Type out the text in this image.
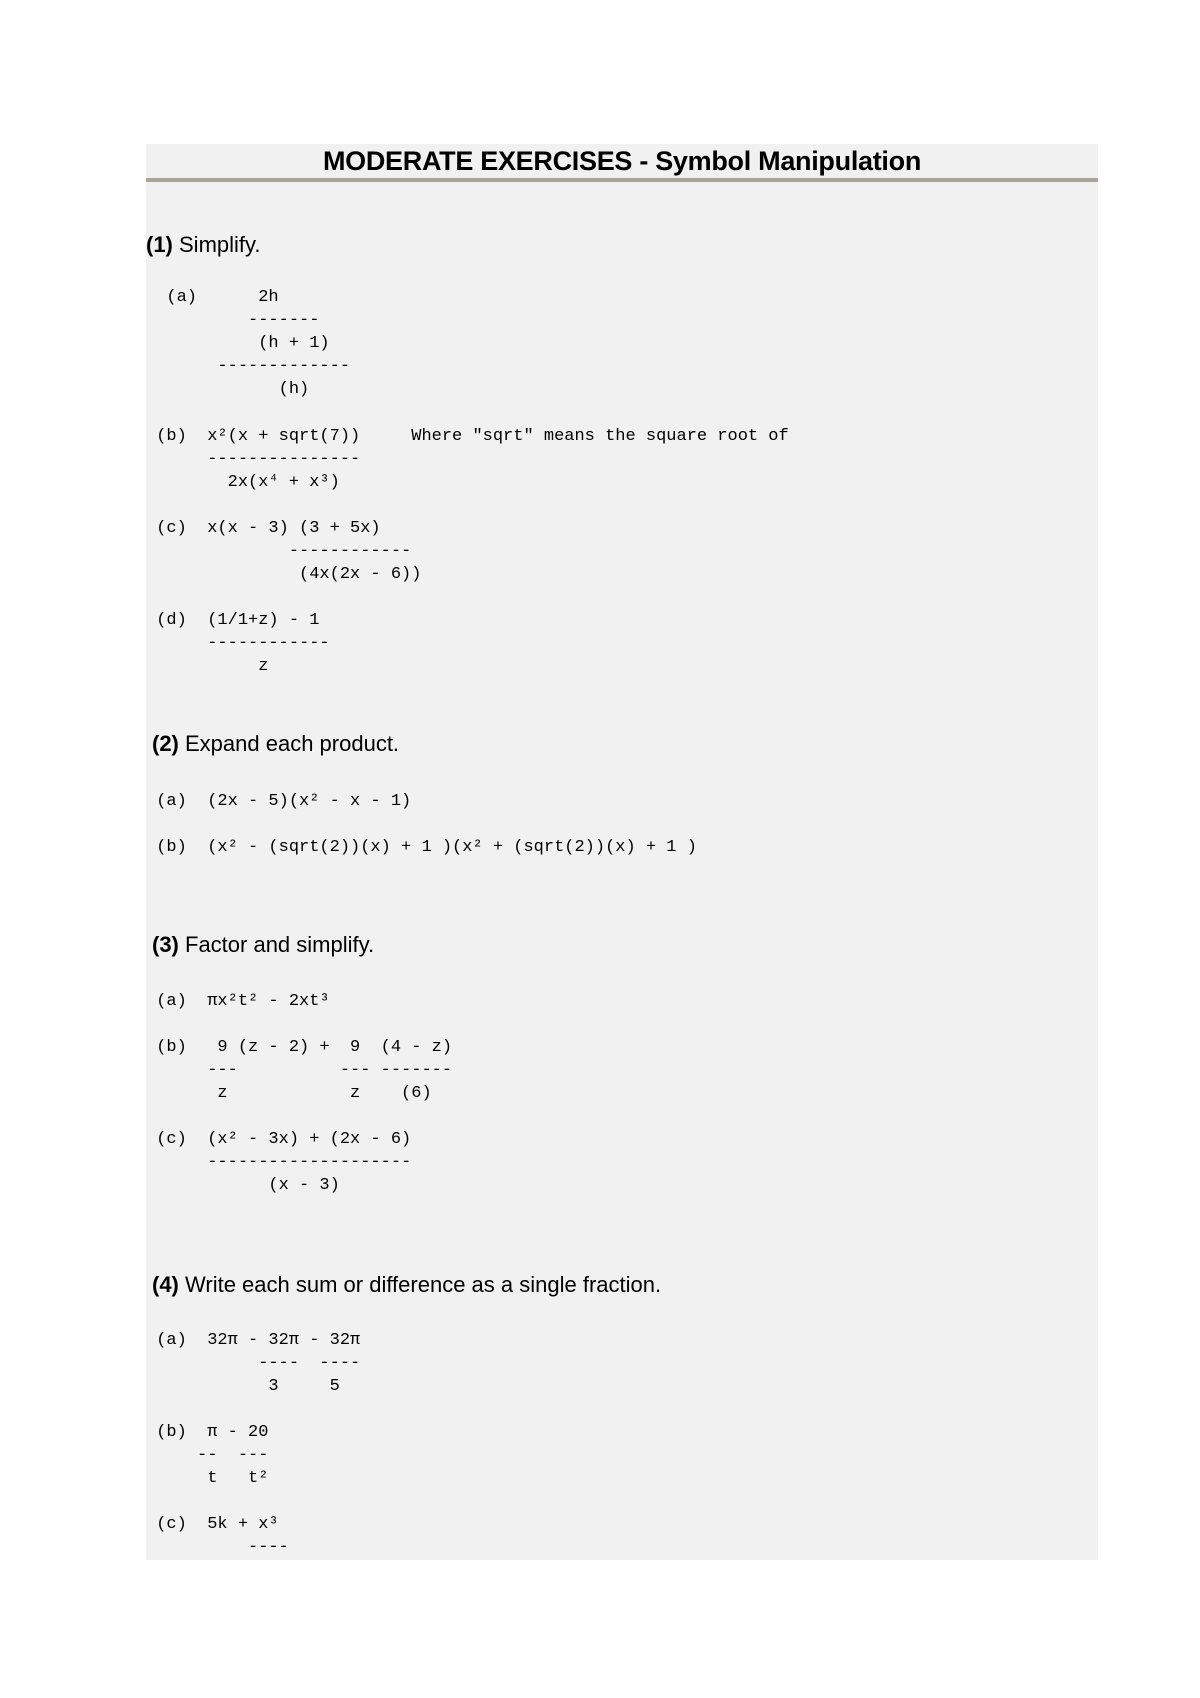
MODERATE EXERCISES - Symbol Manipulation
(1) Simplify.
(a)      2h
-------
(h + 1)
-------------
(h)
(b)  x²(x + sqrt(7))     Where "sqrt" means the square root of
---------------
2x(x⁴ + x³)
(c)  x(x - 3) (3 + 5x)
------------
(4x(2x - 6))
(d)  (1/1+z) - 1
------------
z
(2) Expand each product.
(a)  (2x - 5)(x² - x - 1)
(b)  (x² - (sqrt(2))(x) + 1 )(x² + (sqrt(2))(x) + 1 )
(3) Factor and simplify.
(a)  πx²t² - 2xt³
(b)   9 (z - 2) +  9  (4 - z)
---          --- -------
z            z    (6)
(c)  (x² - 3x) + (2x - 6)
--------------------
(x - 3)
(4) Write each sum or difference as a single fraction.
(a)  32π - 32π - 32π
----  ----
3     5
(b)  π - 20
--  ---
t   t²
(c)  5k + x³
----
